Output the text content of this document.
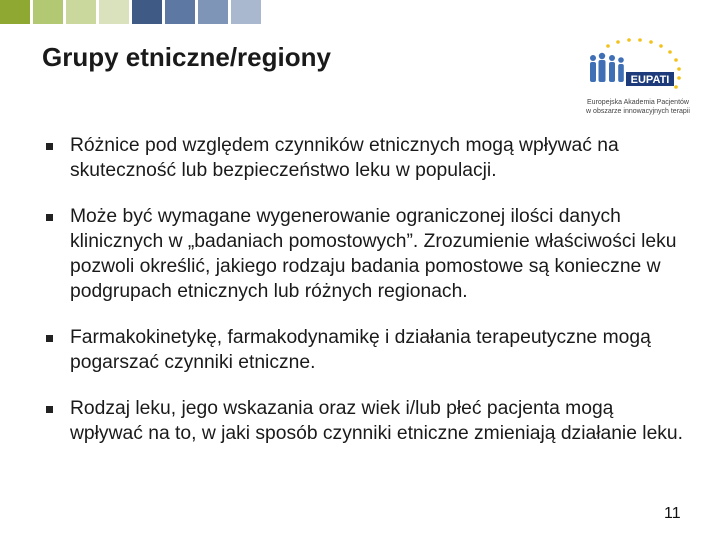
Grupy etniczne/regiony
EUPATI
Europejska Akademia Pacjentów
w obszarze innowacyjnych terapii
Różnice pod względem czynników etnicznych mogą wpływać na skuteczność lub bezpieczeństwo leku w populacji.
Może być wymagane wygenerowanie ograniczonej ilości danych klinicznych w „badaniach pomostowych”. Zrozumienie właściwości leku pozwoli określić, jakiego rodzaju badania pomostowe są konieczne w podgrupach etnicznych lub różnych regionach.
Farmakokinetykę, farmakodynamikę i działania terapeutyczne mogą pogarszać czynniki etniczne.
Rodzaj leku, jego wskazania oraz wiek i/lub płeć pacjenta mogą wpływać na to, w jaki sposób czynniki etniczne zmieniają działanie leku.
11
